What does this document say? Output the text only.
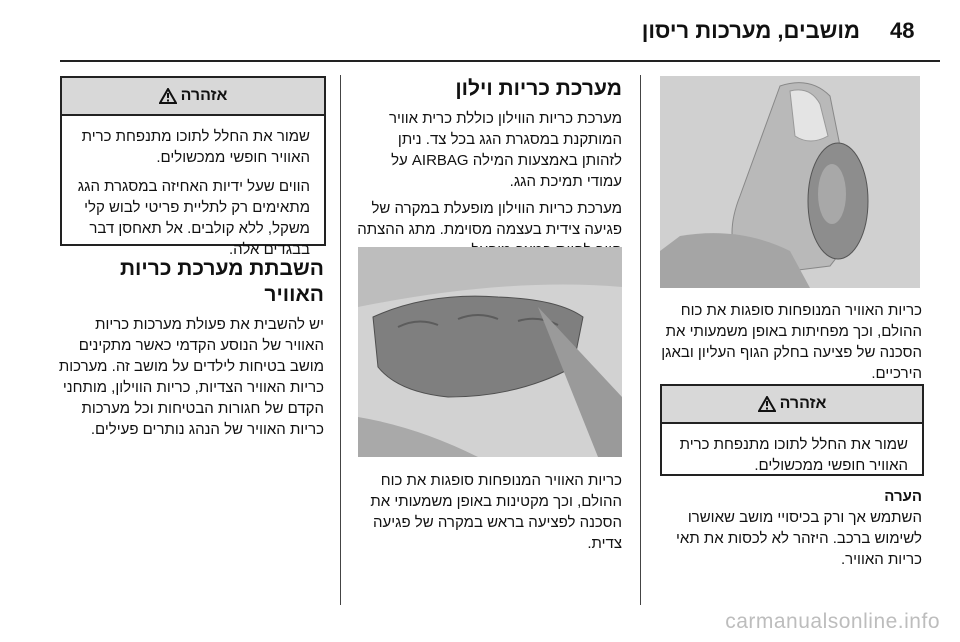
48
מושבים, מערכות ריסון
כריות האוויר המנופחות סופגות את כוח ההולם, וכך מפחיתות באופן משמעותי את הסכנה של פציעה בחלק הגוף העליון ובאגן הירכיים.
אזהרה
שמור את החלל לתוכו מתנפחת כרית האוויר חופשי ממכשולים.
הערה
השתמש אך ורק בכיסויי מושב שאושרו לשימוש ברכב. היזהר לא לכסות את תאי כריות האוויר.
מערכת כריות וילון

מערכת כריות הווילון כוללת כרית אוויר המותקנת במסגרת הגג בכל צד. ניתן לזהותן באמצעות המילה AIRBAG על עמודי תמיכת הגג.

מערכת כריות הווילון מופעלת במקרה של פגיעה צידית בעצמה מסוימת. מתג ההצתה

כריות האוויר המנופחות סופגות את כוח ההולם, וכך מקטינות באופן משמעותי את הסכנה לפציעה בראש במקרה של פגיעה צדית.
אזהרה

שמור את החלל לתוכו מתנפחת כרית האוויר חופשי ממכשולים.

הווים שעל ידיות האחיזה במסגרת הגג מתאימים רק לתליית פריטי לבוש קלי משקל, ללא קולבים. אל תאחסן דבר בבגדים אלה.

השבתת מערכת כריות האוויר

יש להשבית את פעולת מערכות כריות האוויר של הנוסע הקדמי כאשר מתקינים מושב בטיחות לילדים על מושב זה. מערכות כריות האוויר הצדיות, כריות הווילון, מותחני הקדם של חגורות הבטיחות וכל מערכות כריות האוויר של הנהג נותרים פעילים.

carmanualsonline.info
